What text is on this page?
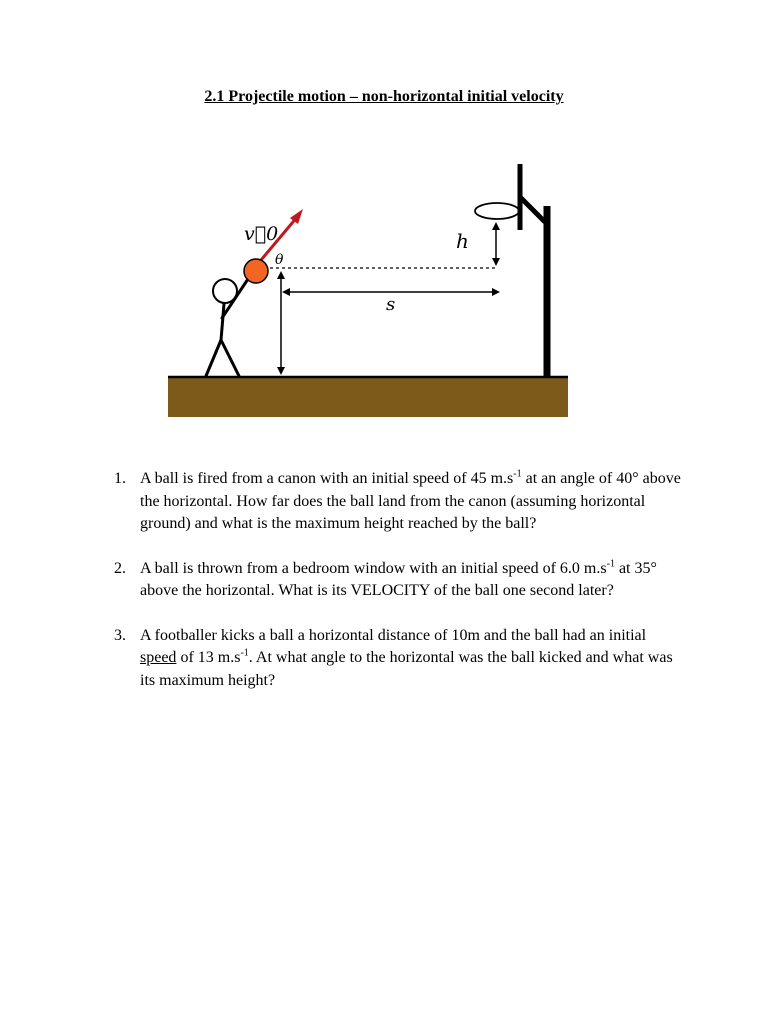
2.1 Projectile motion – non-horizontal initial velocity
v⃗0
θ
h
s
1. A ball is fired from a canon with an initial speed of 45 $m.s^{-1}$ at an angle of 40° above the horizontal. How far does the ball land from the canon (assuming horizontal ground) and what is the maximum height reached by the ball?
2. A ball is thrown from a bedroom window with an initial speed of 6.0 $m.s^{-1}$ at 35° above the horizontal. What is its VELOCITY of the ball one second later?
3. A footballer kicks a ball a horizontal distance of 10m and the ball had an initial speed of 13 $m.s^{-1}$. At what angle to the horizontal was the ball kicked and what was its maximum height?
